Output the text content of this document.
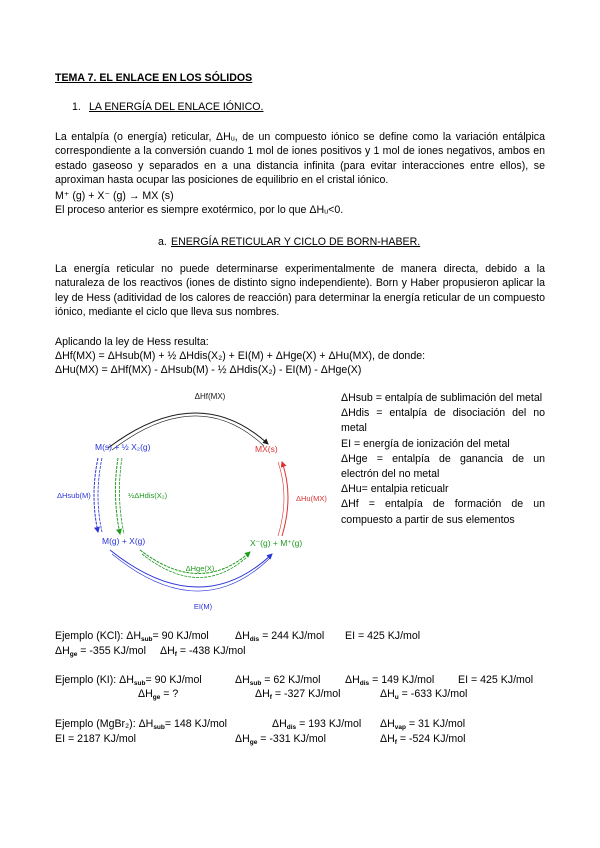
TEMA 7. EL ENLACE EN LOS SÓLIDOS
1. LA ENERGÍA DEL ENLACE IÓNICO.
La entalpía (o energía) reticular, ΔHᵤ, de un compuesto iónico se define como la variación entálpica correspondiente a la conversión cuando 1 mol de iones positivos y 1 mol de iones negativos, ambos en estado gaseoso y separados en a una distancia infinita (para evitar interacciones entre ellos), se aproximan hasta ocupar las posiciones de equilibrio en el cristal iónico.
M⁺ (g) + X⁻ (g) → MX (s)
El proceso anterior es siempre exotérmico, por lo que ΔHᵤ<0.
a. ENERGÍA RETICULAR Y CICLO DE BORN-HABER.
La energía reticular no puede determinarse experimentalmente de manera directa, debido a la naturaleza de los reactivos (iones de distinto signo independiente). Born y Haber propusieron aplicar la ley de Hess (aditividad de los calores de reacción) para determinar la energía reticular de un compuesto iónico, mediante el ciclo que lleva sus nombres.
Aplicando la ley de Hess resulta:
ΔHf(MX) = ΔHsub(M) + ½ ΔHdis(X₂) + EI(M) + ΔHge(X) + ΔHu(MX), de donde:
ΔHu(MX) = ΔHf(MX) - ΔHsub(M) - ½ ΔHdis(X₂) - EI(M) - ΔHge(X)
ΔHf(MX)
M(s) + ½ X₂(g)	MX(s)
ΔHsub(M)	½ΔHdis(X₂)	ΔHu(MX)
M(g) + X(g)	X⁻(g) + M⁺(g)
ΔHge(X)
EI(M)
ΔHsub = entalpía de sublimación del metal
ΔHdis = entalpía de disociación del no metal
EI = energía de ionización del metal
ΔHge = entalpía de ganancia de un electrón del no metal
ΔHu= entalpia reticualr
ΔHf = entalpía de formación de un compuesto a partir de sus elementos
Ejemplo (KCl): $\Delta H_{sub}= 90$ KJ/mol $\Delta H_{dis} = 244$ KJ/mol EI = 425 KJ/mol
$\Delta H_{ge} = -355$ KJ/mol $\Delta H_f = -438$ KJ/mol
Ejemplo (KI): $\Delta H_{sub}= 90$ KJ/mol	$\Delta H_{sub} = 62$ KJ/mol $\Delta H_{dis} = 149$ KJ/mol EI = 425 KJ/mol
$\Delta H_{ge}$ = ?	$\Delta H_f = -327$ KJ/mol	$\Delta H_u = -633$ KJ/mol
Ejemplo (MgBr₂): $\Delta H_{sub}= 148$ KJ/mol	$\Delta H_{dis} = 193$ KJ/mol $\Delta H_{vap} = 31$ KJ/mol
EI = 2187 KJ/mol	$\Delta H_{ge} = -331$ KJ/mol	$\Delta H_f = -524$ KJ/mol
